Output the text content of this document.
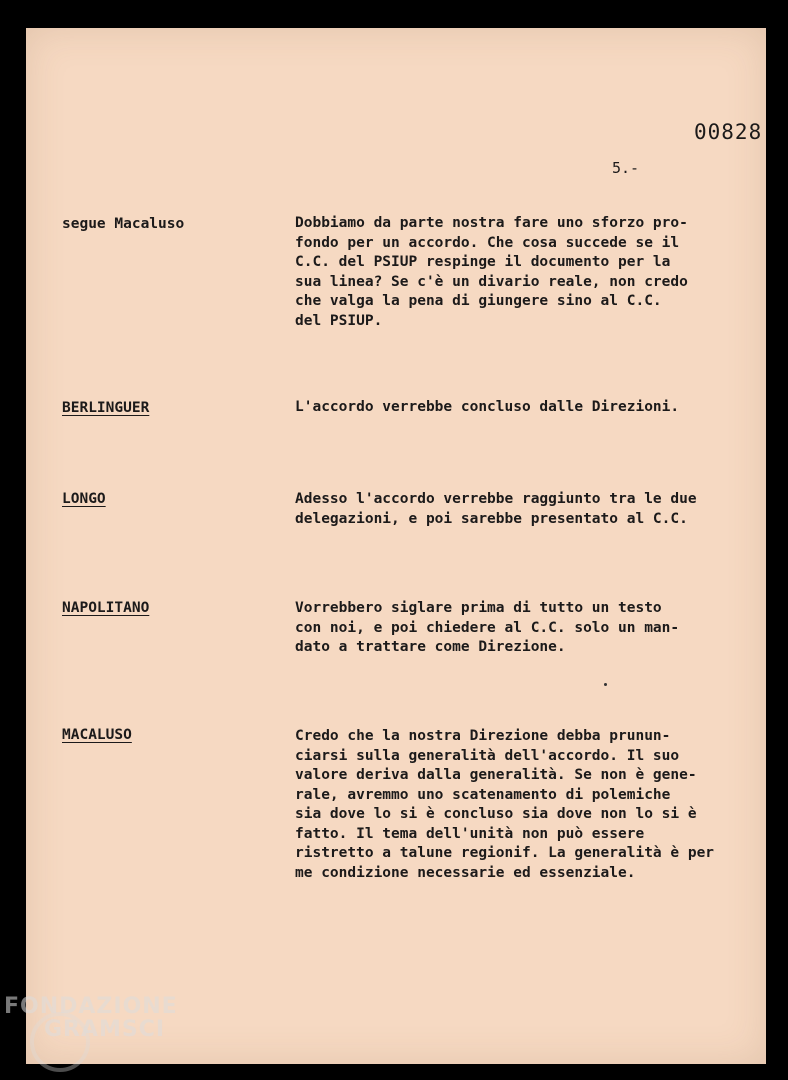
00828
5.-
segue Macaluso	Dobbiamo da parte nostra fare uno sforzo pro-
fondo per un accordo. Che cosa succede se il
C.C. del PSIUP respinge il documento per la
sua linea? Se c'è un divario reale, non credo
che valga la pena di giungere sino al C.C.
del PSIUP.
BERLINGUER	L'accordo verrebbe concluso dalle Direzioni.
LONGO	Adesso l'accordo verrebbe raggiunto tra le due
delegazioni, e poi sarebbe presentato al C.C.
NAPOLITANO	Vorrebbero siglare prima di tutto un testo
con noi, e poi chiedere al C.C. solo un man-
dato a trattare come Direzione.
MACALUSO	Credo che la nostra Direzione debba prunun-
ciarsi sulla generalità dell'accordo. Il suo
valore deriva dalla generalità. Se non è gene-
rale, avremmo uno scatenamento di polemiche
sia dove lo si è concluso sia dove non lo si è
fatto. Il tema dell'unità non può essere
ristretto a talune regionif. La generalità è per
me condizione necessarie ed essenziale.
FONDAZIONE
GRAMSCI
